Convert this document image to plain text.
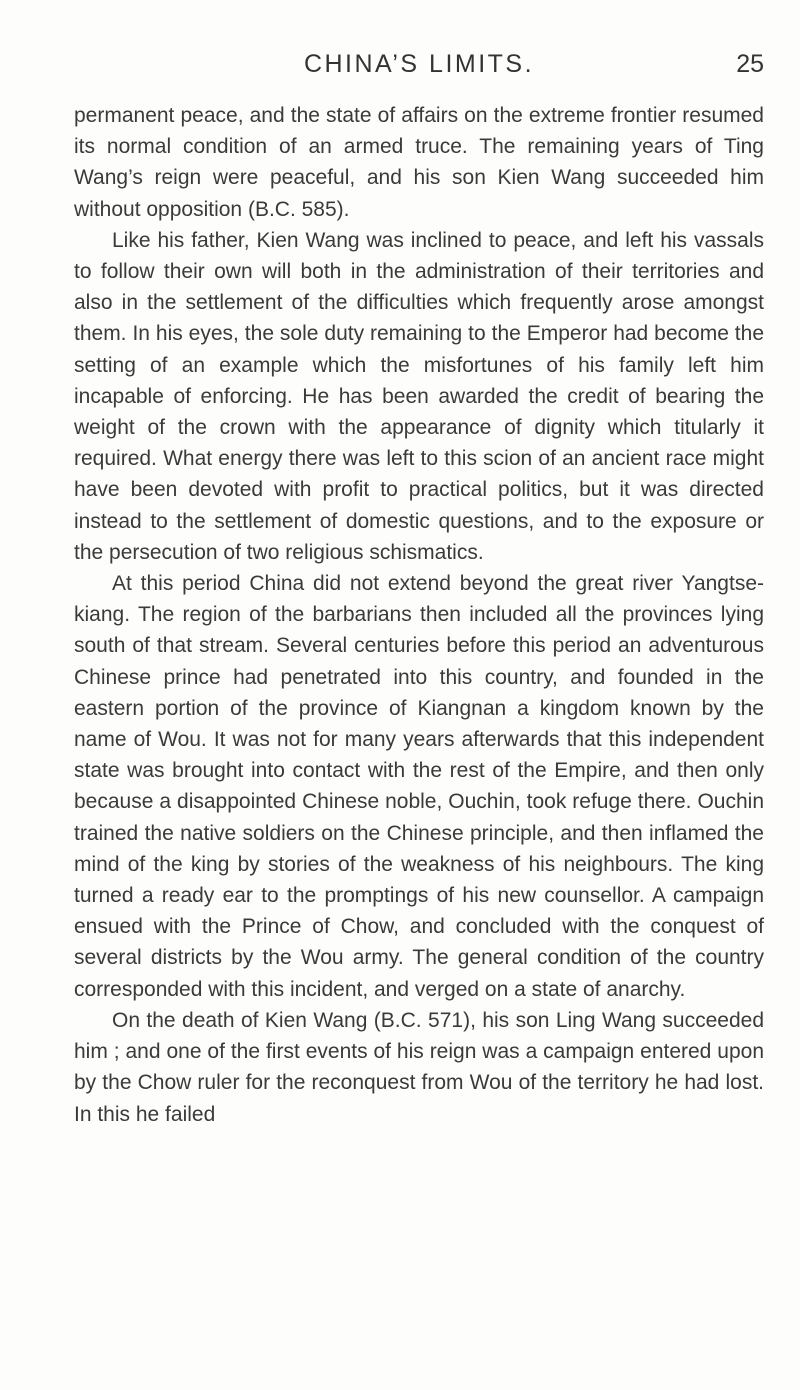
CHINA’S LIMITS.	25

permanent peace, and the state of affairs on the extreme frontier resumed its normal condition of an armed truce. The remaining years of Ting Wang’s reign were peaceful, and his son Kien Wang succeeded him without opposition (B.C. 585).

Like his father, Kien Wang was inclined to peace, and left his vassals to follow their own will both in the administration of their territories and also in the settlement of the difficulties which frequently arose amongst them. In his eyes, the sole duty remaining to the Emperor had become the setting of an example which the misfortunes of his family left him incapable of enforcing. He has been awarded the credit of bearing the weight of the crown with the appearance of dignity which titularly it required. What energy there was left to this scion of an ancient race might have been devoted with profit to practical politics, but it was directed instead to the settlement of domestic questions, and to the exposure or the persecution of two religious schismatics.

At this period China did not extend beyond the great river Yangtse-kiang. The region of the barbarians then included all the provinces lying south of that stream. Several centuries before this period an adventurous Chinese prince had penetrated into this country, and founded in the eastern portion of the province of Kiangnan a kingdom known by the name of Wou. It was not for many years afterwards that this independent state was brought into contact with the rest of the Empire, and then only because a disappointed Chinese noble, Ouchin, took refuge there. Ouchin trained the native soldiers on the Chinese principle, and then inflamed the mind of the king by stories of the weakness of his neighbours. The king turned a ready ear to the promptings of his new counsellor. A campaign ensued with the Prince of Chow, and concluded with the conquest of several districts by the Wou army. The general condition of the country corresponded with this incident, and verged on a state of anarchy.

On the death of Kien Wang (B.C. 571), his son Ling Wang succeeded him ; and one of the first events of his reign was a campaign entered upon by the Chow ruler for the reconquest from Wou of the territory he had lost. In this he failed
